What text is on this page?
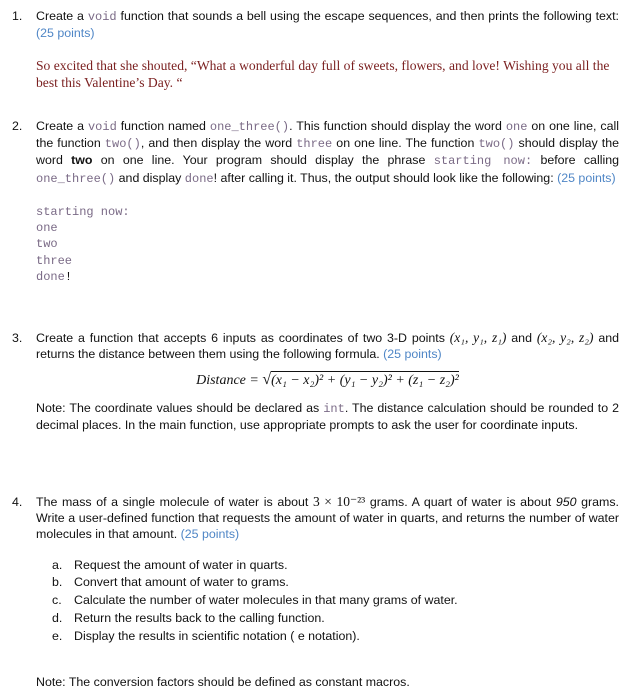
1. Create a void function that sounds a bell using the escape sequences, and then prints the following text: (25 points)
So excited that she shouted, “What a wonderful day full of sweets, flowers, and love! Wishing you all the best this Valentine’s Day. “
2. Create a void function named one_three(). This function should display the word one on one line, call the function two(), and then display the word three on one line. The function two() should display the word two on one line. Your program should display the phrase starting now: before calling one_three() and display done! after calling it. Thus, the output should look like the following: (25 points)
starting now:
one
two
three
done!
3. Create a function that accepts 6 inputs as coordinates of two 3-D points (x₁, y₁, z₁) and (x₂, y₂, z₂) and returns the distance between them using the following formula. (25 points)
Distance = √(x₁ − x₂)² + (y₁ − y₂)² + (z₁ − z₂)²
Note: The coordinate values should be declared as int. The distance calculation should be rounded to 2 decimal places. In the main function, use appropriate prompts to ask the user for coordinate inputs.
4. The mass of a single molecule of water is about 3 × 10⁻²³ grams. A quart of water is about 950 grams. Write a user-defined function that requests the amount of water in quarts, and returns the number of water molecules in that amount. (25 points)
a. Request the amount of water in quarts.
b. Convert that amount of water to grams.
c. Calculate the number of water molecules in that many grams of water.
d. Return the results back to the calling function.
e. Display the results in scientific notation ( e notation).
Note: The conversion factors should be defined as constant macros.
